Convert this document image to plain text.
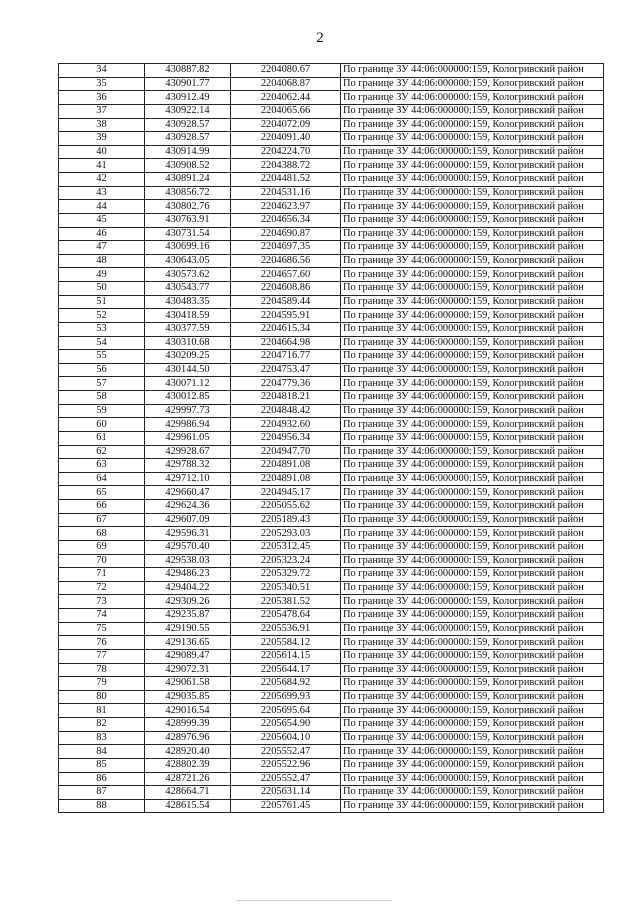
2
34	430887.82	2204080.67	По границе ЗУ 44:06:000000:159, Кологривский район
35	430901.77	2204068.87	По границе ЗУ 44:06:000000:159, Кологривский район
36	430912.49	2204062.44	По границе ЗУ 44:06:000000:159, Кологривский район
37	430922.14	2204065.66	По границе ЗУ 44:06:000000:159, Кологривский район
38	430928.57	2204072.09	По границе ЗУ 44:06:000000:159, Кологривский район
39	430928.57	2204091.40	По границе ЗУ 44:06:000000:159, Кологривский район
40	430914.99	2204224.70	По границе ЗУ 44:06:000000:159, Кологривский район
41	430908.52	2204388.72	По границе ЗУ 44:06:000000:159, Кологривский район
42	430891.24	2204481.52	По границе ЗУ 44:06:000000:159, Кологривский район
43	430856.72	2204531.16	По границе ЗУ 44:06:000000:159, Кологривский район
44	430802.76	2204623.97	По границе ЗУ 44:06:000000:159, Кологривский район
45	430763.91	2204656.34	По границе ЗУ 44:06:000000:159, Кологривский район
46	430731.54	2204690.87	По границе ЗУ 44:06:000000:159, Кологривский район
47	430699.16	2204697.35	По границе ЗУ 44:06:000000:159, Кологривский район
48	430643.05	2204686.56	По границе ЗУ 44:06:000000:159, Кологривский район
49	430573.62	2204657.60	По границе ЗУ 44:06:000000:159, Кологривский район
50	430543.77	2204608.86	По границе ЗУ 44:06:000000:159, Кологривский район
51	430483.35	2204589.44	По границе ЗУ 44:06:000000:159, Кологривский район
52	430418.59	2204595.91	По границе ЗУ 44:06:000000:159, Кологривский район
53	430377.59	2204615.34	По границе ЗУ 44:06:000000:159, Кологривский район
54	430310.68	2204664.98	По границе ЗУ 44:06:000000:159, Кологривский район
55	430209.25	2204716.77	По границе ЗУ 44:06:000000:159, Кологривский район
56	430144.50	2204753.47	По границе ЗУ 44:06:000000:159, Кологривский район
57	430071.12	2204779.36	По границе ЗУ 44:06:000000:159, Кологривский район
58	430012.85	2204818.21	По границе ЗУ 44:06:000000:159, Кологривский район
59	429997.73	2204848.42	По границе ЗУ 44:06:000000:159, Кологривский район
60	429986.94	2204932.60	По границе ЗУ 44:06:000000:159, Кологривский район
61	429961.05	2204956.34	По границе ЗУ 44:06:000000:159, Кологривский район
62	429928.67	2204947.70	По границе ЗУ 44:06:000000:159, Кологривский район
63	429788.32	2204891.08	По границе ЗУ 44:06:000000:159, Кологривский район
64	429712.10	2204891.08	По границе ЗУ 44:06:000000:159, Кологривский район
65	429660.47	2204945.17	По границе ЗУ 44:06:000000:159, Кологривский район
66	429624.36	2205055.62	По границе ЗУ 44:06:000000:159, Кологривский район
67	429607.09	2205189.43	По границе ЗУ 44:06:000000:159, Кологривский район
68	429596.31	2205293.03	По границе ЗУ 44:06:000000:159, Кологривский район
69	429570.40	2205312.45	По границе ЗУ 44:06:000000:159, Кологривский район
70	429538.03	2205323.24	По границе ЗУ 44:06:000000:159, Кологривский район
71	429486.23	2205329.72	По границе ЗУ 44:06:000000:159, Кологривский район
72	429404.22	2205340.51	По границе ЗУ 44:06:000000:159, Кологривский район
73	429309.26	2205381.52	По границе ЗУ 44:06:000000:159, Кологривский район
74	429235.87	2205478.64	По границе ЗУ 44:06:000000:159, Кологривский район
75	429190.55	2205536.91	По границе ЗУ 44:06:000000:159, Кологривский район
76	429136.65	2205584.12	По границе ЗУ 44:06:000000:159, Кологривский район
77	429089.47	2205614.15	По границе ЗУ 44:06:000000:159, Кологривский район
78	429072.31	2205644.17	По границе ЗУ 44:06:000000:159, Кологривский район
79	429061.58	2205684.92	По границе ЗУ 44:06:000000:159, Кологривский район
80	429035.85	2205699.93	По границе ЗУ 44:06:000000:159, Кологривский район
81	429016.54	2205695.64	По границе ЗУ 44:06:000000:159, Кологривский район
82	428999.39	2205654.90	По границе ЗУ 44:06:000000:159, Кологривский район
83	428976.96	2205604.10	По границе ЗУ 44:06:000000:159, Кологривский район
84	428920.40	2205552.47	По границе ЗУ 44:06:000000:159, Кологривский район
85	428802.39	2205522.96	По границе ЗУ 44:06:000000:159, Кологривский район
86	428721.26	2205552.47	По границе ЗУ 44:06:000000:159, Кологривский район
87	428664.71	2205631.14	По границе ЗУ 44:06:000000:159, Кологривский район
88	428615.54	2205761.45	По границе ЗУ 44:06:000000:159, Кологривский район
